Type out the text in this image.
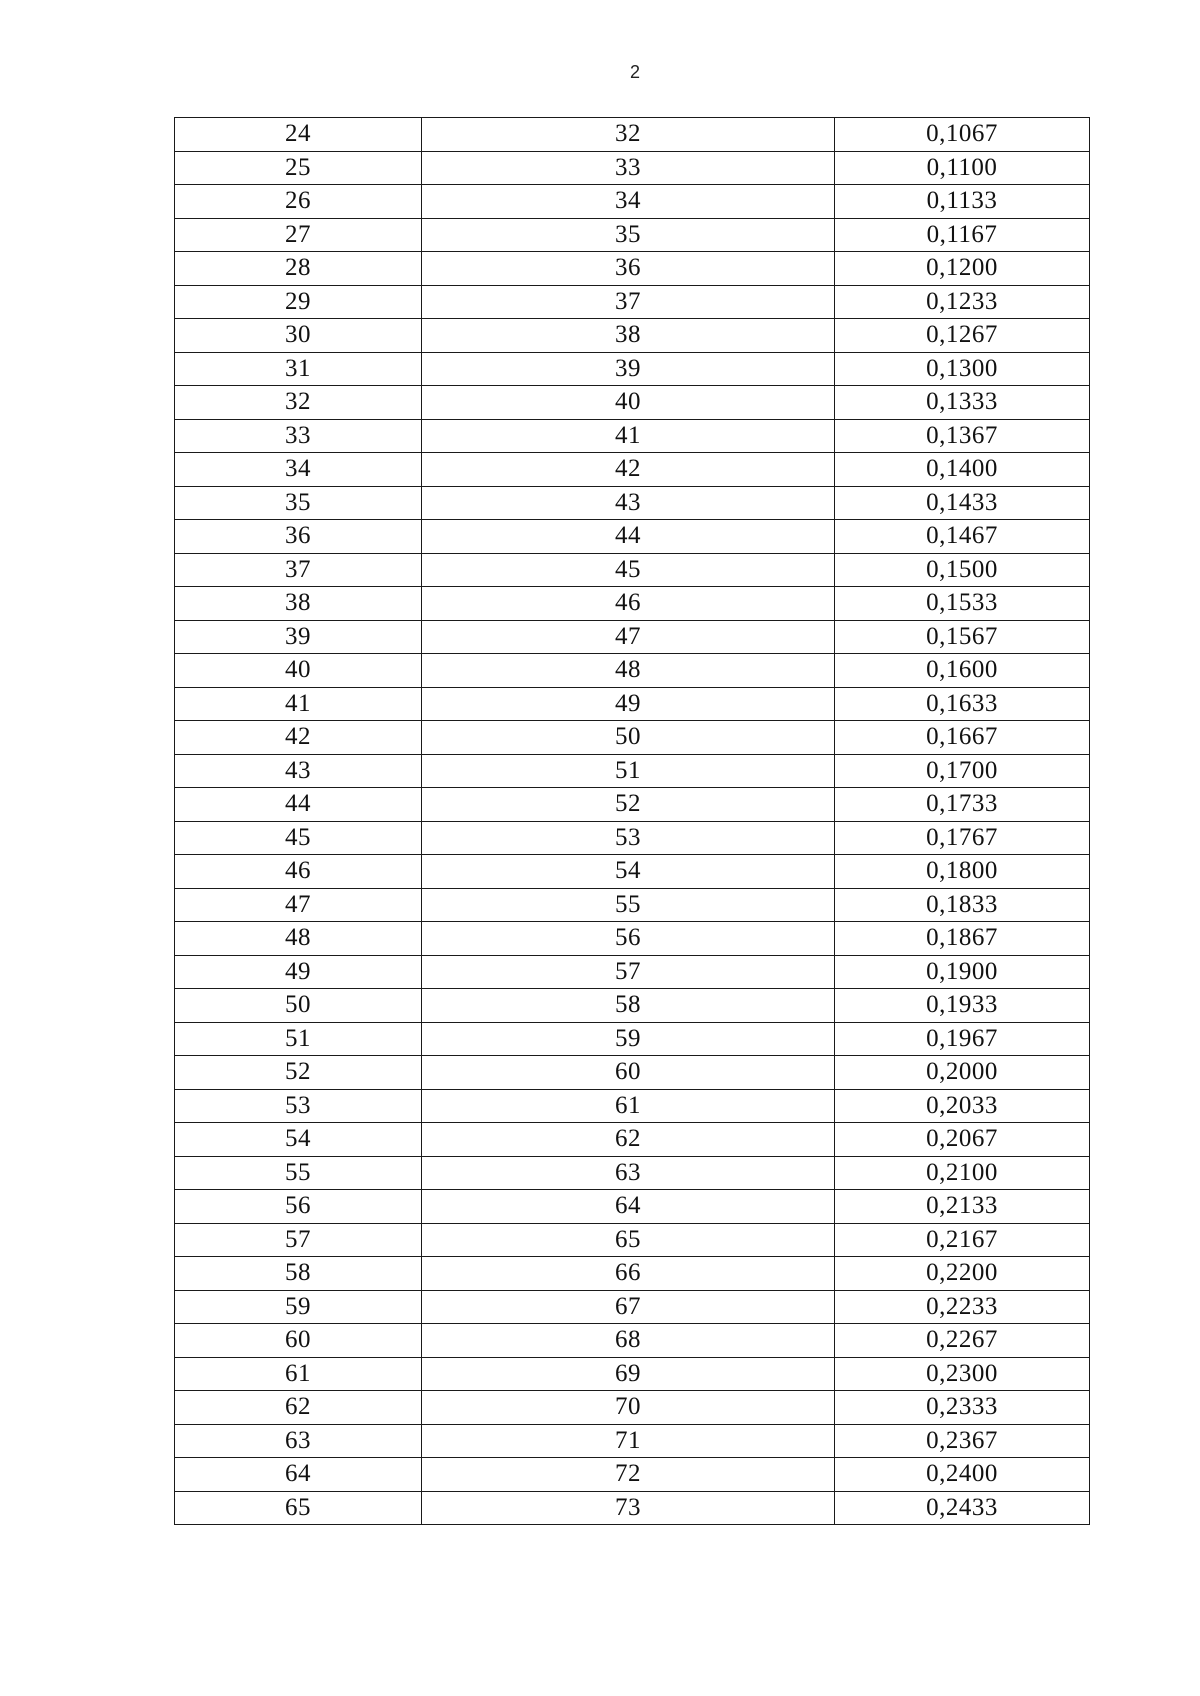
2
24	32	0,1067
25	33	0,1100
26	34	0,1133
27	35	0,1167
28	36	0,1200
29	37	0,1233
30	38	0,1267
31	39	0,1300
32	40	0,1333
33	41	0,1367
34	42	0,1400
35	43	0,1433
36	44	0,1467
37	45	0,1500
38	46	0,1533
39	47	0,1567
40	48	0,1600
41	49	0,1633
42	50	0,1667
43	51	0,1700
44	52	0,1733
45	53	0,1767
46	54	0,1800
47	55	0,1833
48	56	0,1867
49	57	0,1900
50	58	0,1933
51	59	0,1967
52	60	0,2000
53	61	0,2033
54	62	0,2067
55	63	0,2100
56	64	0,2133
57	65	0,2167
58	66	0,2200
59	67	0,2233
60	68	0,2267
61	69	0,2300
62	70	0,2333
63	71	0,2367
64	72	0,2400
65	73	0,2433
